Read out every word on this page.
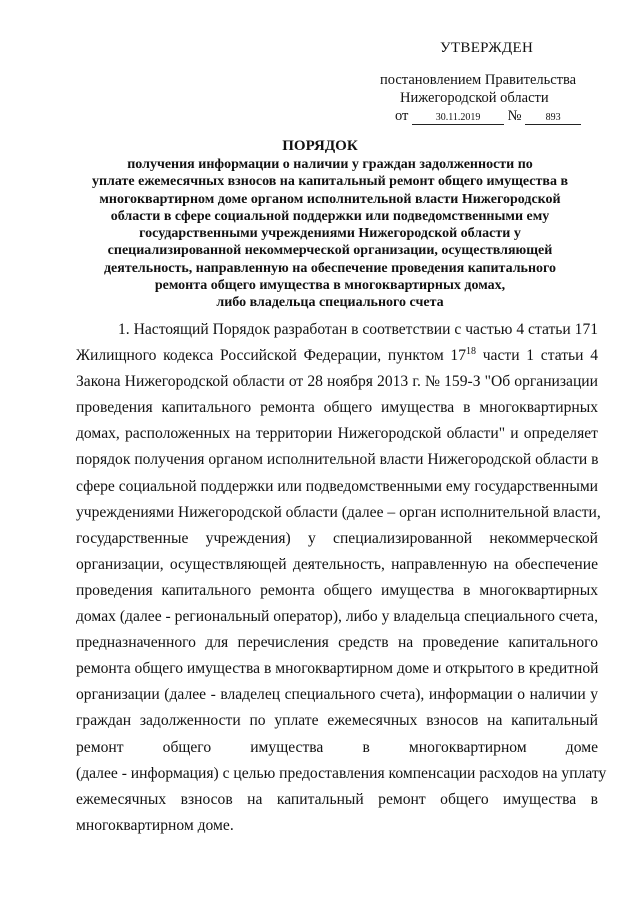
УТВЕРЖДЕН
постановлением Правительства
Нижегородской области
от	30.11.2019 № 893
ПОРЯДОК
получения информации о наличии у граждан задолженности по
уплате ежемесячных взносов на капитальный ремонт общего имущества в
многоквартирном доме органом исполнительной власти Нижегородской
области в сфере социальной поддержки или подведомственными ему
государственными учреждениями Нижегородской области у
специализированной некоммерческой организации, осуществляющей
деятельность, направленную на обеспечение проведения капитального
ремонта общего имущества в многоквартирных домах,
либо владельца специального счета
1. Настоящий Порядок разработан в соответствии с частью 4 статьи 171
Жилищного кодекса Российской Федерации, пунктом $17^{18}$ части 1 статьи 4
Закона Нижегородской области от 28 ноября 2013 г. № 159-З "Об организации
проведения капитального ремонта общего имущества в многоквартирных
домах, расположенных на территории Нижегородской области" и определяет
порядок получения органом исполнительной власти Нижегородской области в
сфере социальной поддержки или подведомственными ему государственными
учреждениями Нижегородской области (далее – орган исполнительной власти,
государственные учреждения) у специализированной некоммерческой
организации, осуществляющей деятельность, направленную на обеспечение
проведения капитального ремонта общего имущества в многоквартирных
домах (далее - региональный оператор), либо у владельца специального счета,
предназначенного для перечисления средств на проведение капитального
ремонта общего имущества в многоквартирном доме и открытого в кредитной
организации (далее - владелец специального счета), информации о наличии у
граждан задолженности по уплате ежемесячных взносов на капитальный
ремонт общего имущества в многоквартирном доме
(далее - информация) с целью предоставления компенсации расходов на уплату
ежемесячных взносов на капитальный ремонт общего имущества в
многоквартирном доме.
